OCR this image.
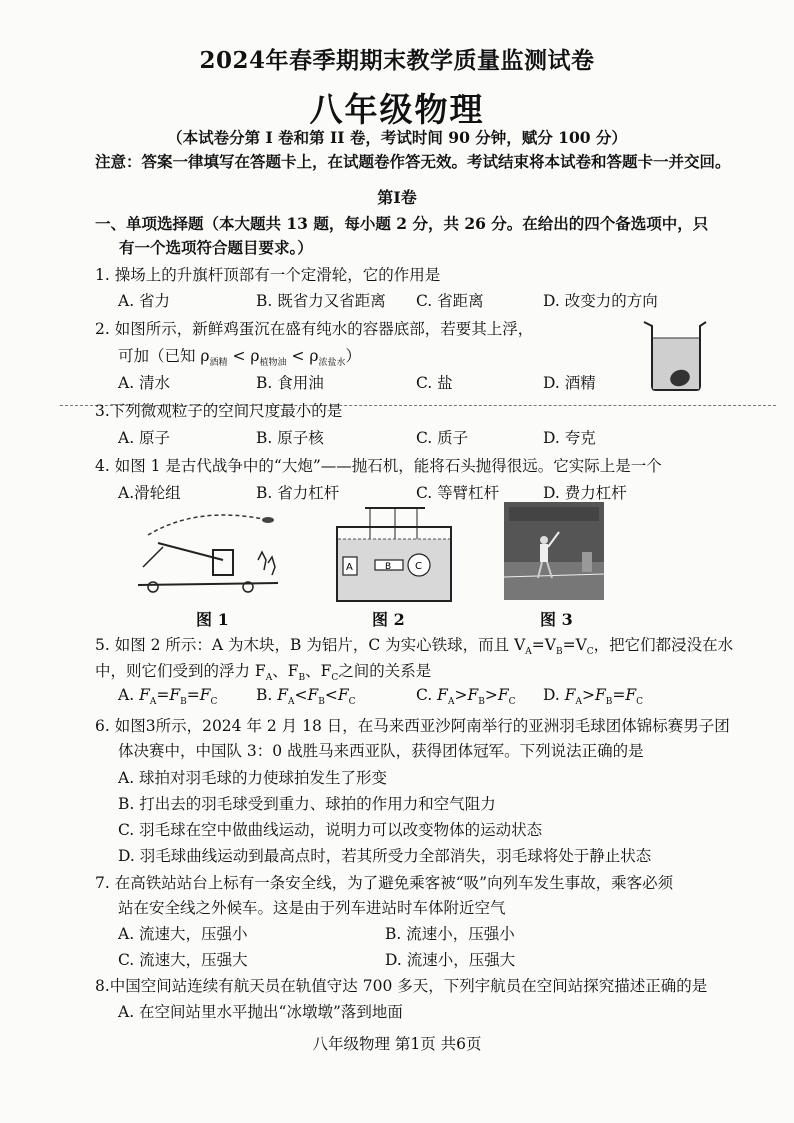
2024年春季期期末教学质量监测试卷
八年级物理
（本试卷分第 I 卷和第 II 卷，考试时间 90 分钟，赋分 100 分）
注意：答案一律填写在答题卡上，在试题卷作答无效。考试结束将本试卷和答题卡一并交回。
第Ⅰ卷
一、单项选择题（本大题共 13 题，每小题 2 分，共 26 分。在给出的四个备选项中，只
有一个选项符合题目要求。）
1. 操场上的升旗杆顶部有一个定滑轮，它的作用是
A. 省力	B. 既省力又省距离 C. 省距离	D. 改变力的方向
2. 如图所示，新鲜鸡蛋沉在盛有纯水的容器底部，若要其上浮，
可加（已知 $\rho_{酒精} < \rho_{植物油} < \rho_{浓盐水}$）
A. 清水	B. 食用油	C. 盐	D. 酒精
3.下列微观粒子的空间尺度最小的是
A. 原子	B. 原子核	C. 质子	D. 夸克
4. 如图 1 是古代战争中的“大炮”——抛石机，能将石头抛得很远。它实际上是一个
A.滑轮组	B. 省力杠杆	C. 等臂杠杆	D. 费力杠杆
A	B C
图 1	图 2	图 3
5. 如图 2 所示：A 为木块，B 为铝片，C 为实心铁球，而且 $V_A=V_B=V_C$，把它们都浸没在水
中，则它们受到的浮力 $F_A$、$F_B$、$F_C$之间的关系是
A. $F_A=F_B=F_C$ B. $F_A<F_B<F_C$	C. $F_A>F_B>F_C$ D. $F_A>F_B=F_C$
6. 如图3所示，2024 年 2 月 18 日，在马来西亚沙阿南举行的亚洲羽毛球团体锦标赛男子团
体决赛中，中国队 3：0 战胜马来西亚队，获得团体冠军。下列说法正确的是
A. 球拍对羽毛球的力使球拍发生了形变
B. 打出去的羽毛球受到重力、球拍的作用力和空气阻力
C. 羽毛球在空中做曲线运动，说明力可以改变物体的运动状态
D. 羽毛球曲线运动到最高点时，若其所受力全部消失，羽毛球将处于静止状态
7. 在高铁站站台上标有一条安全线，为了避免乘客被“吸”向列车发生事故，乘客必须
站在安全线之外候车。这是由于列车进站时车体附近空气
A. 流速大，压强小	B. 流速小，压强小
C. 流速大，压强大	D. 流速小，压强大
8.中国空间站连续有航天员在轨值守达 700 多天，下列宇航员在空间站探究描述正确的是
A. 在空间站里水平抛出“冰墩墩”落到地面
八年级物理 第1页 共6页
